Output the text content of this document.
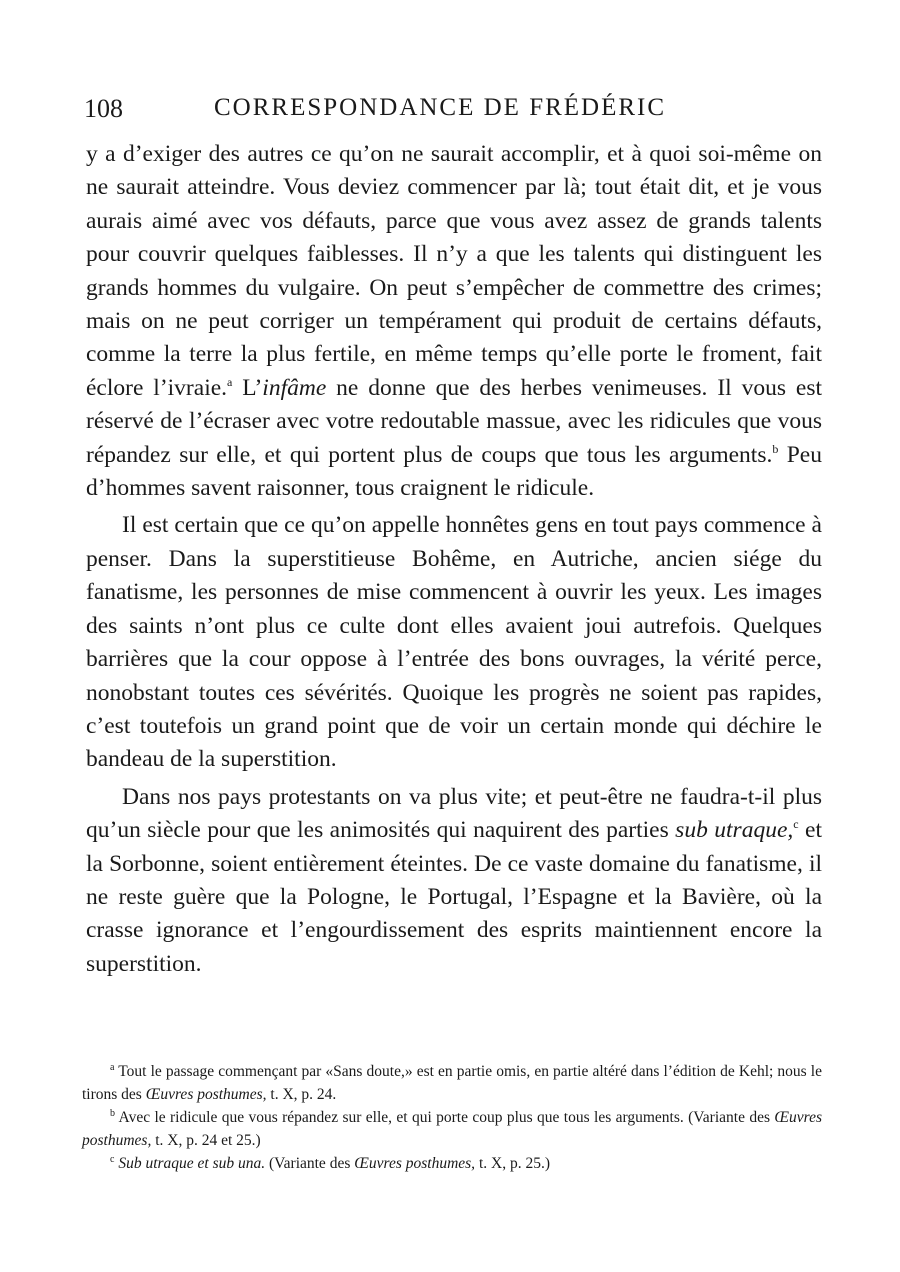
108	CORRESPONDANCE DE FRÉDÉRIC

y a d’exiger des autres ce qu’on ne saurait accomplir, et à quoi soi-même on ne saurait atteindre. Vous deviez commencer par là; tout était dit, et je vous aurais aimé avec vos défauts, parce que vous avez assez de grands talents pour couvrir quelques faiblesses. Il n’y a que les talents qui distinguent les grands hommes du vulgaire. On peut s’empêcher de commettre des crimes; mais on ne peut corriger un tempérament qui produit de certains défauts, comme la terre la plus fertile, en même temps qu’elle porte le froment, fait éclore l’ivraie.$^a$ L’infâme ne donne que des herbes venimeuses. Il vous est réservé de l’écraser avec votre redoutable massue, avec les ridicules que vous répandez sur elle, et qui portent plus de coups que tous les arguments.$^b$ Peu d’hommes savent raisonner, tous craignent le ridicule.

Il est certain que ce qu’on appelle honnêtes gens en tout pays commence à penser. Dans la superstitieuse Bohême, en Autriche, ancien siége du fanatisme, les personnes de mise commencent à ouvrir les yeux. Les images des saints n’ont plus ce culte dont elles avaient joui autrefois. Quelques barrières que la cour oppose à l’entrée des bons ouvrages, la vérité perce, nonobstant toutes ces sévérités. Quoique les progrès ne soient pas rapides, c’est toutefois un grand point que de voir un certain monde qui déchire le bandeau de la superstition.

Dans nos pays protestants on va plus vite; et peut-être ne faudra-t-il plus qu’un siècle pour que les animosités qui naquirent des parties sub utraque,$^c$ et la Sorbonne, soient entièrement éteintes. De ce vaste domaine du fanatisme, il ne reste guère que la Pologne, le Portugal, l’Espagne et la Bavière, où la crasse ignorance et l’engourdissement des esprits maintiennent encore la superstition.

$^a$ Tout le passage commençant par «Sans doute,» est en partie omis, en partie altéré dans l’édition de Kehl; nous le tirons des Œuvres posthumes, t. X, p. 24.

$^b$ Avec le ridicule que vous répandez sur elle, et qui porte coup plus que tous les arguments. (Variante des Œuvres posthumes, t. X, p. 24 et 25.)

$^c$ Sub utraque et sub una. (Variante des Œuvres posthumes, t. X, p. 25.)
